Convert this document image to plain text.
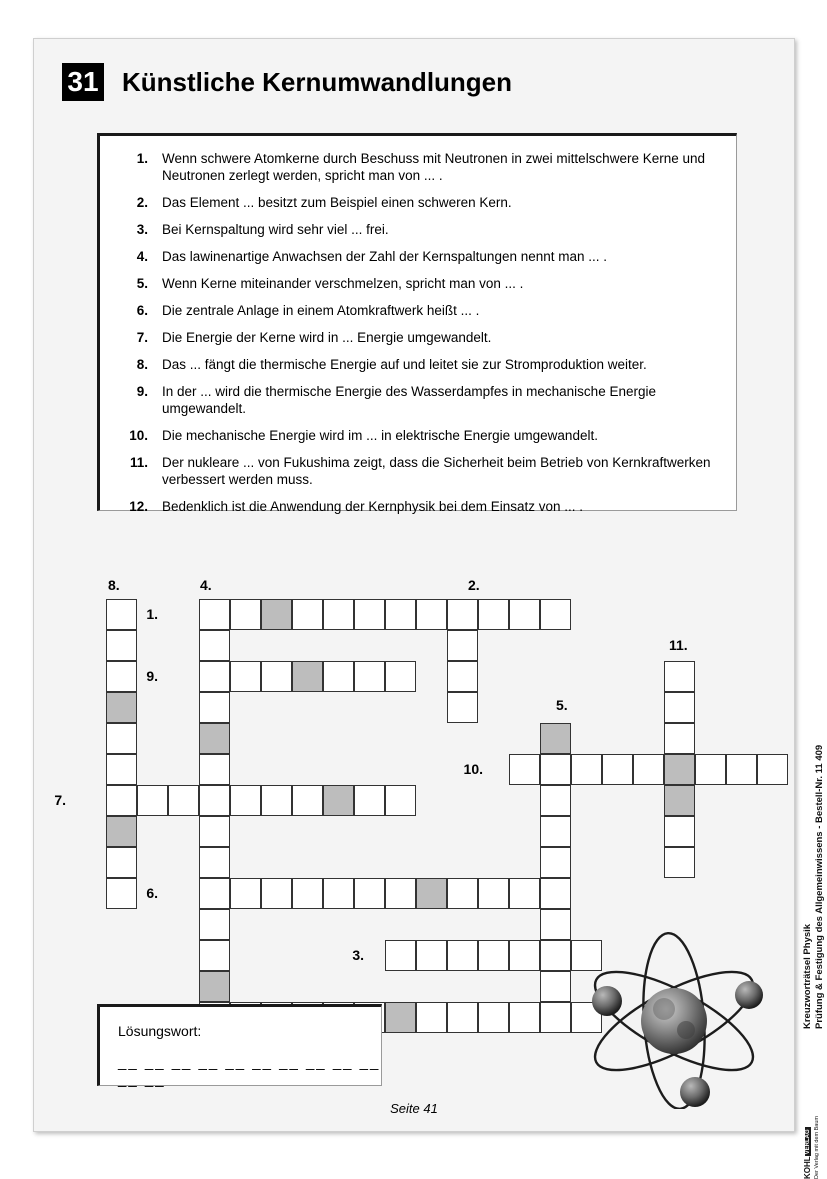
31 Künstliche Kernumwandlungen
1.	Wenn schwere Atomkerne durch Beschuss mit Neutronen in zwei mittelschwere Kerne und Neutronen zerlegt werden, spricht man von ... .
2.	Das Element ... besitzt zum Beispiel einen schweren Kern.
3.	Bei Kernspaltung wird sehr viel ... frei.
4.	Das lawinenartige Anwachsen der Zahl der Kernspaltungen nennt man ... .
5.	Wenn Kerne miteinander verschmelzen, spricht man von ... .
6.	Die zentrale Anlage in einem Atomkraftwerk heißt ... .
7.	Die Energie der Kerne wird in ... Energie umgewandelt.
8.	Das ... fängt die thermische Energie auf und leitet sie zur Stromproduktion weiter.
9.	In der ... wird die thermische Energie des Wasserdampfes in mechanische Energie umgewandelt.
10.	Die mechanische Energie wird im ... in elektrische Energie umgewandelt.
11.	Der nukleare ... von Fukushima zeigt, dass die Sicherheit beim Betrieb von Kernkraftwerken verbessert werden muss.
12.	Bedenklich ist die Anwendung der Kernphysik bei dem Einsatz von ... .
8.	4.	2.
11.
5.
1.
9.
10.
7.
6.
3.
Lösungswort:
__ __ __ __ __ __ __ __ __ __ __ __
Seite 41
Kreuzworträtsel Physik Prüfung & Festigung des Allgemeinwissens - Bestell-Nr. 11 409
KOHLVERLAG Der Verlag mit dem Baum
